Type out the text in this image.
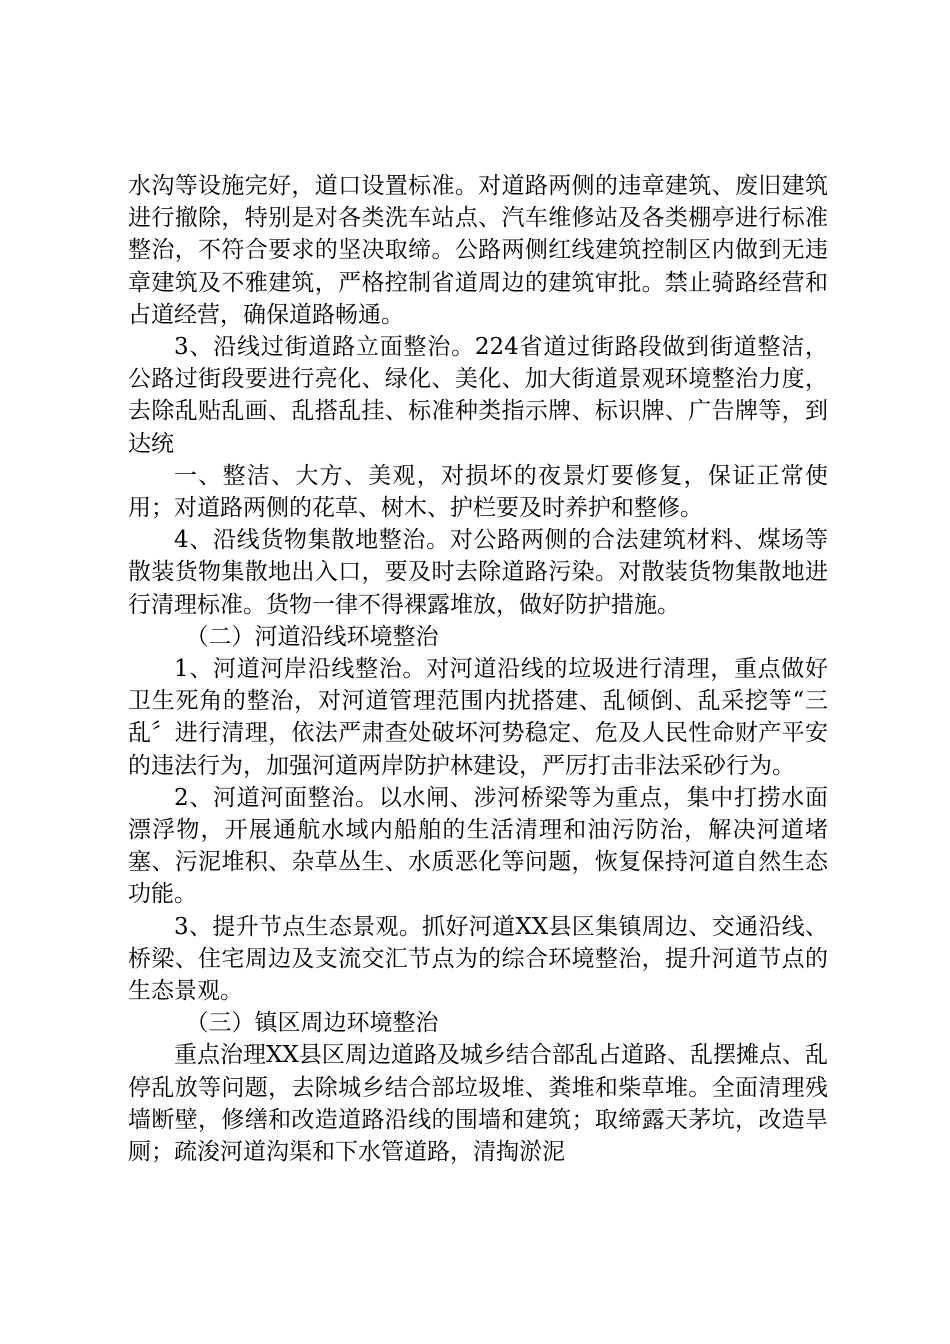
水沟等设施完好，道口设置标准。对道路两侧的违章建筑、废旧建筑进行撤除，特别是对各类洗车站点、汽车维修站及各类棚亭进行标准整治，不符合要求的坚决取缔。公路两侧红线建筑控制区内做到无违章建筑及不雅建筑，严格控制省道周边的建筑审批。禁止骑路经营和占道经营，确保道路畅通。

3、沿线过街道路立面整治。224省道过街路段做到街道整洁，公路过街段要进行亮化、绿化、美化、加大街道景观环境整治力度，去除乱贴乱画、乱搭乱挂、标准种类指示牌、标识牌、广告牌等，到达统

一、整洁、大方、美观，对损坏的夜景灯要修复，保证正常使用；对道路两侧的花草、树木、护栏要及时养护和整修。

4、沿线货物集散地整治。对公路两侧的合法建筑材料、煤场等散装货物集散地出入口，要及时去除道路污染。对散装货物集散地进行清理标准。货物一律不得裸露堆放，做好防护措施。

（二）河道沿线环境整治

1、河道河岸沿线整治。对河道沿线的垃圾进行清理，重点做好卫生死角的整治，对河道管理范围内扰搭建、乱倾倒、乱采挖等“三乱〞进行清理，依法严肃查处破坏河势稳定、危及人民性命财产平安的违法行为，加强河道两岸防护林建设，严厉打击非法采砂行为。

2、河道河面整治。以水闸、涉河桥梁等为重点，集中打捞水面漂浮物，开展通航水域内船舶的生活清理和油污防治，解决河道堵塞、污泥堆积、杂草丛生、水质恶化等问题，恢复保持河道自然生态功能。

3、提升节点生态景观。抓好河道XX县区集镇周边、交通沿线、桥梁、住宅周边及支流交汇节点为的综合环境整治，提升河道节点的生态景观。

（三）镇区周边环境整治

重点治理XX县区周边道路及城乡结合部乱占道路、乱摆摊点、乱停乱放等问题，去除城乡结合部垃圾堆、粪堆和柴草堆。全面清理残墙断壁，修缮和改造道路沿线的围墙和建筑；取缔露天茅坑，改造旱厕；疏浚河道沟渠和下水管道路，清掏淤泥
